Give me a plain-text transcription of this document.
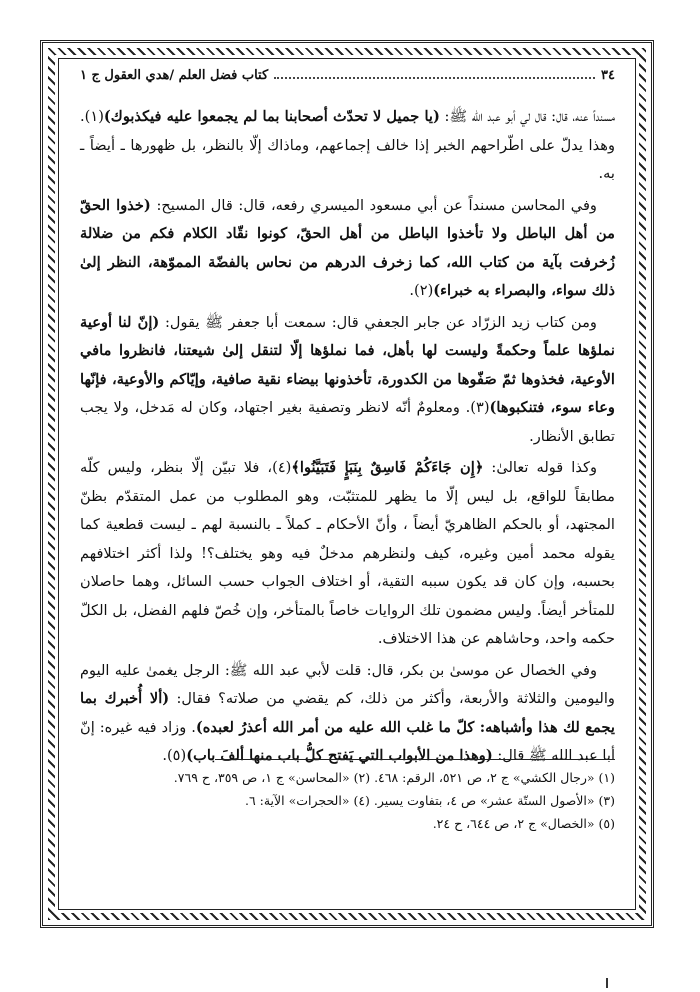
٣٤
كتاب فضل العلم /هدي العقول ج ١

مسنداً عنه، قال: قال لي أبو عبد الله ﷺ: (يا جميل لا تحدّث أصحابنا بما لم يجمعوا عليه فيكذبوك)(١). وهذا يدلّ على اطّراحهم الخبر إذا خالف إجماعهم، وماذاك إلّا بالنظر، بل ظهورها ـ أيضاً ـ به.

وفي المحاسن مسنداً عن أبي مسعود الميسري رفعه، قال: قال المسيح: (خذوا الحقّ من أهل الباطل ولا تأخذوا الباطل من أهل الحقّ، كونوا نقّاد الكلام فكم من ضلالة زُخرفت بآية من كتاب الله، كما زخرف الدرهم من نحاس بالفضّة المموّهة، النظر إلىٰ ذلك سواء، والبصراء به خبراء)(٢).

ومن كتاب زيد الزرّاد عن جابر الجعفي قال: سمعت أبا جعفر ﷺ يقول: (إنّ لنا أوعية نملؤها علماً وحكمةً وليست لها بأهل، فما نملؤها إلّا لتنقل إلىٰ شيعتنا، فانظروا مافي الأوعية، فخذوها ثمّ صَفّوها من الكدورة، تأخذونها بيضاء نقية صافية، وإيّاكم والأوعية، فإنّها وعاء سوء، فتنكبوها)(٣). ومعلومٌ أنّه لانظر وتصفية بغير اجتهاد، وكان له مَدخل، ولا يجب تطابق الأنظار.

وكذا قوله تعالىٰ: ﴿إِن جَاءَكُمْ فَاسِقٌ بِنَبَإٍ فَتَبَيَّنُوا﴾(٤)، فلا تبيّن إلّا بنظر، وليس كلّه مطابقاً للواقع، بل ليس إلّا ما يظهر للمتثبّت، وهو المطلوب من عمل المتقدّم بظنّ المجتهد، أو بالحكم الظاهريّ أيضاً ، وأنّ الأحكام ـ كملاً ـ بالنسبة لهم ـ ليست قطعية كما يقوله محمد أمين وغيره، كيف ولنظرهم مدخلٌ فيه وهو يختلف؟! ولذا أكثر اختلافهم بحسبه، وإن كان قد يكون سببه التقية، أو اختلاف الجواب حسب السائل، وهما حاصلان للمتأخر أيضاً. وليس مضمون تلك الروايات خاصاً بالمتأخر، وإن خُصّ فلهم الفضل، بل الكلّ حكمه واحد، وحاشاهم عن هذا الاختلاف.

وفي الخصال عن موسىٰ بن بكر، قال: قلت لأبي عبد الله ﷺ: الرجل يغمىٰ عليه اليوم واليومين والثلاثة والأربعة، وأكثر من ذلك، كم يقضي من صلاته؟ فقال: (ألا أُخبرك بما يجمع لك هذا وأشباهه: كلّ ما غلب الله عليه من أمر الله أعذرُ لعبده). وزاد فيه غيره: إنّ أبا عبد الله ﷺ قال: (وهذا من الأبواب التي يَفتح كلُّ باب منها ألفَ باب)(٥).

(١) «رجال الكشي» ج ٢، ص ٥٢١، الرقم: ٤٦٨. (٢) «المحاسن» ج ١، ص ٣٥٩، ح ٧٦٩.
(٣) «الأصول الستّة عشر» ص ٤، بتفاوت يسير. (٤) «الحجرات» الآية: ٦.
(٥) «الخصال» ج ٢، ص ٦٤٤، ح ٢٤.
